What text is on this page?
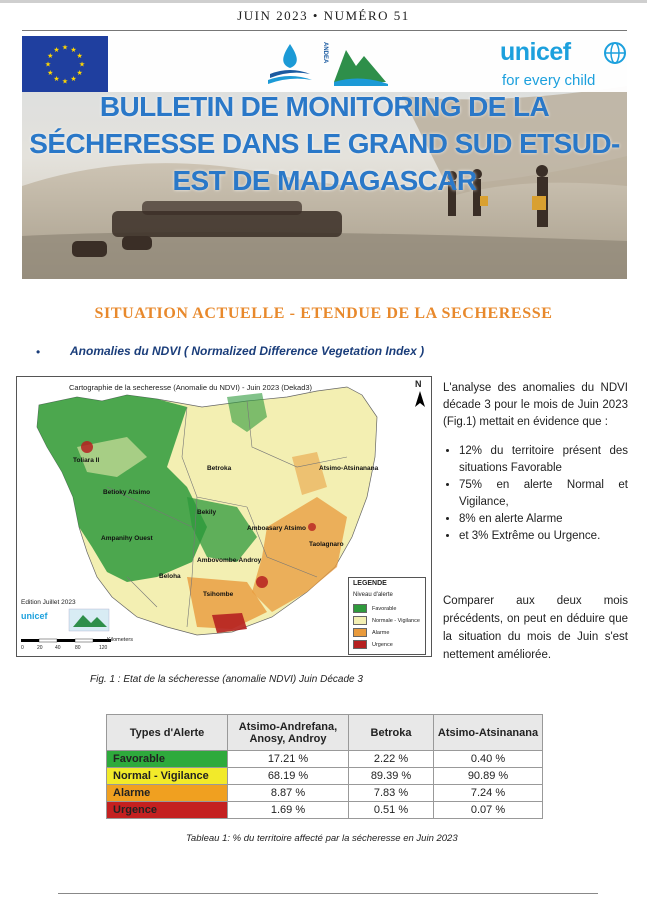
JUIN 2023 • NUMÉRO 51
★ ★
★
★
★
★
★
★
★
★
★
★	ANDEA	unicef
for every child
BULLETIN DE MONITORING DE LA
SÉCHERESSE DANS LE GRAND SUD ETSUD-
EST DE MADAGASCAR
SITUATION ACTUELLE - ETENDUE DE LA SECHERESSE
• Anomalies du NDVI ( Normalized Difference Vegetation Index )
Cartographie de la secheresse (Anomalie du NDVI) - Juin 2023 (Dekad3)	N
Toliara II
Betioky Atsimo
Betroka	Atsimo-Atsinanana
Bekily
Ampanihy Ouest
Amboasary Atsimo
Taolagnaro
Ambovombe-Androy
Beloha
Tsihombe
Edition Juillet 2023
unicef
Kilometers
0	20 40	80	120
LEGENDE
Niveau d'alerte
Favorable
Normale - Vigilance
Alarme
Urgence
L'analyse des anomalies du NDVI décade 3 pour le mois de Juin 2023 (Fig.1) mettait en évidence que :
• 12% du territoire présent des situations Favorable
• 75% en alerte Normal et Vigilance,
• 8% en alerte Alarme
• et 3% Extrême ou Urgence.
Comparer aux deux mois précédents, on peut en déduire que la situation du mois de Juin s'est nettement améliorée.
Fig. 1 : Etat de la sécheresse (anomalie NDVI) Juin Décade 3
Types d'Alerte	Atsimo-Andrefana, Anosy, Androy	Betroka	Atsimo-Atsinanana
Favorable	17.21 %	2.22 %	0.40 %
Normal - Vigilance	68.19 %	89.39 %	90.89 %
Alarme	8.87 %	7.83 %	7.24 %
Urgence	1.69 %	0.51 %	0.07 %
Tableau 1: % du territoire affecté par la sécheresse en Juin 2023
